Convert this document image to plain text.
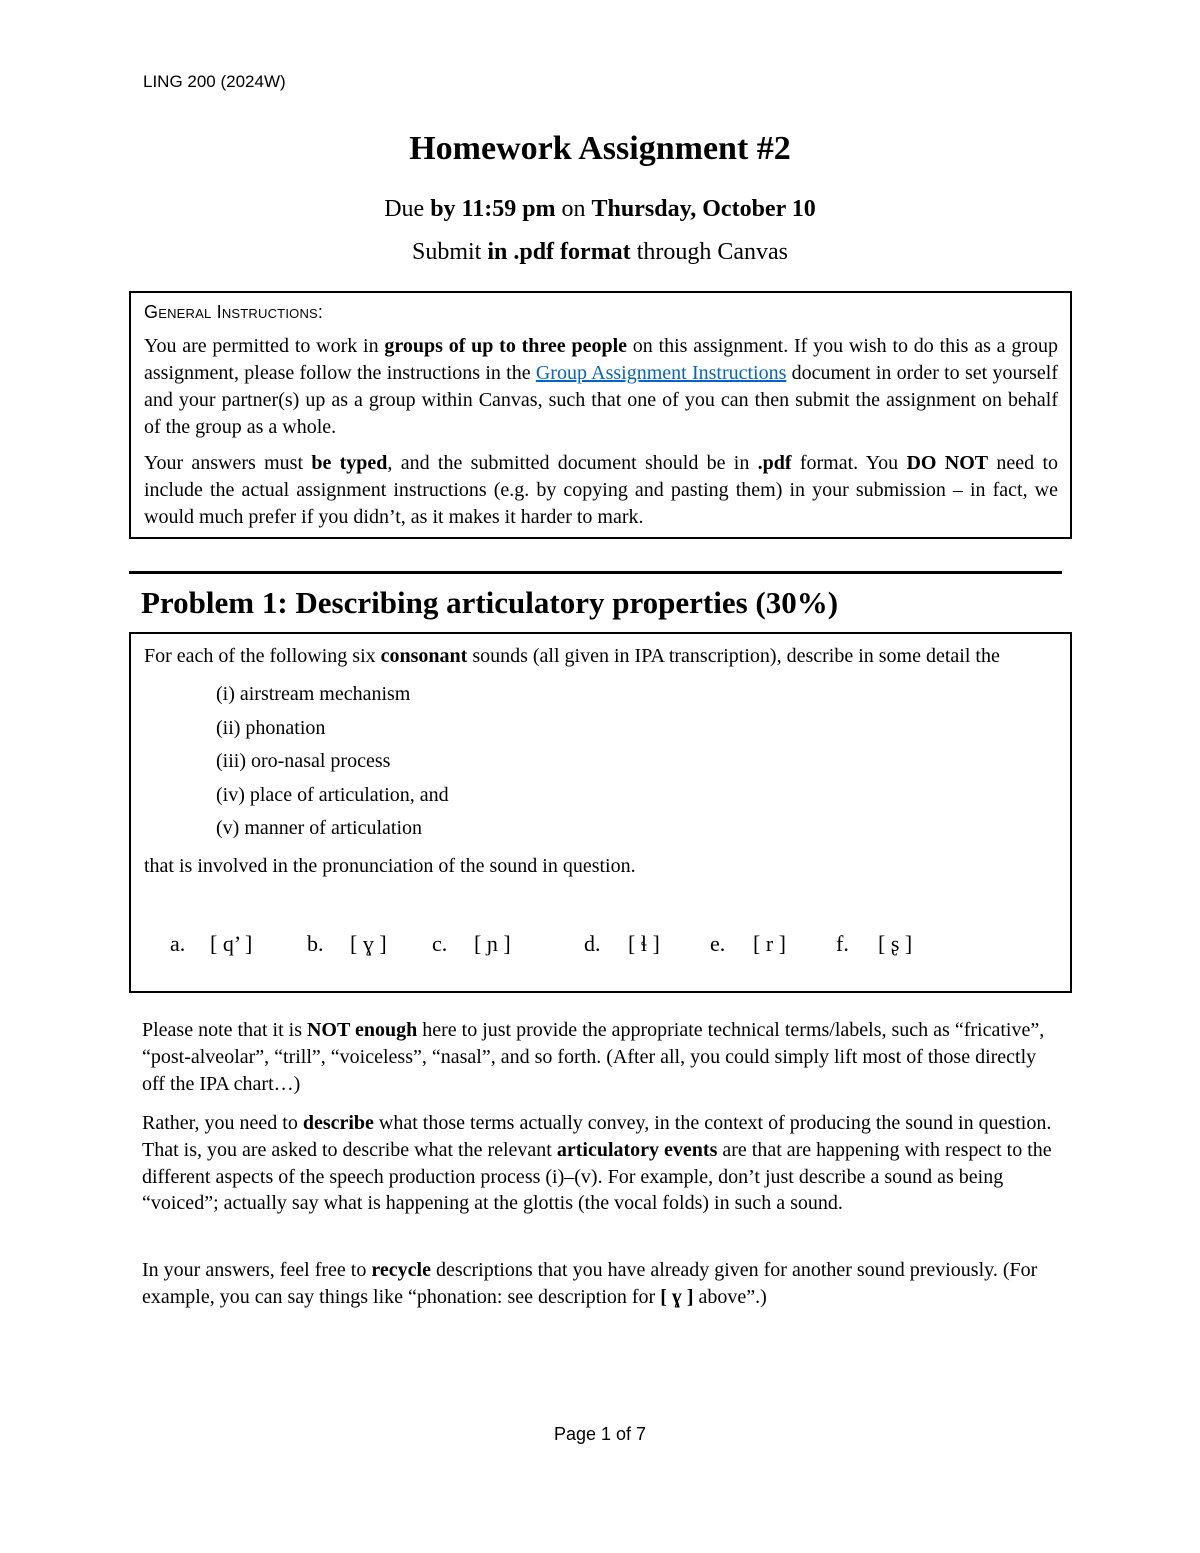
LING 200 (2024W)
Homework Assignment #2
Due by 11:59 pm on Thursday, October 10
Submit in .pdf format through Canvas
General Instructions:
You are permitted to work in groups of up to three people on this assignment. If you wish to do this as a group assignment, please follow the instructions in the Group Assignment Instructions document in order to set yourself and your partner(s) up as a group within Canvas, such that one of you can then submit the assignment on behalf of the group as a whole.
Your answers must be typed, and the submitted document should be in .pdf format. You DO NOT need to include the actual assignment instructions (e.g. by copying and pasting them) in your submission – in fact, we would much prefer if you didn’t, as it makes it harder to mark.
Problem 1: Describing articulatory properties (30%)
For each of the following six consonant sounds (all given in IPA transcription), describe in some detail the
(i) airstream mechanism
(ii) phonation
(iii) oro-nasal process
(iv) place of articulation, and
(v) manner of articulation
that is involved in the pronunciation of the sound in question.
a. [ q’ ] b. [ ɣ ] c. [ ɲ ]	d. [ ɬ ] e. [ r ] f. [ ʂ ]
Please note that it is NOT enough here to just provide the appropriate technical terms/labels, such as “fricative”, “post-alveolar”, “trill”, “voiceless”, “nasal”, and so forth. (After all, you could simply lift most of those directly off the IPA chart…)
Rather, you need to describe what those terms actually convey, in the context of producing the sound in question. That is, you are asked to describe what the relevant articulatory events are that are happening with respect to the different aspects of the speech production process (i)–(v). For example, don’t just describe a sound as being “voiced”; actually say what is happening at the glottis (the vocal folds) in such a sound.
In your answers, feel free to recycle descriptions that you have already given for another sound previously. (For example, you can say things like “phonation: see description for [ ɣ ] above”.)
Page 1 of 7
